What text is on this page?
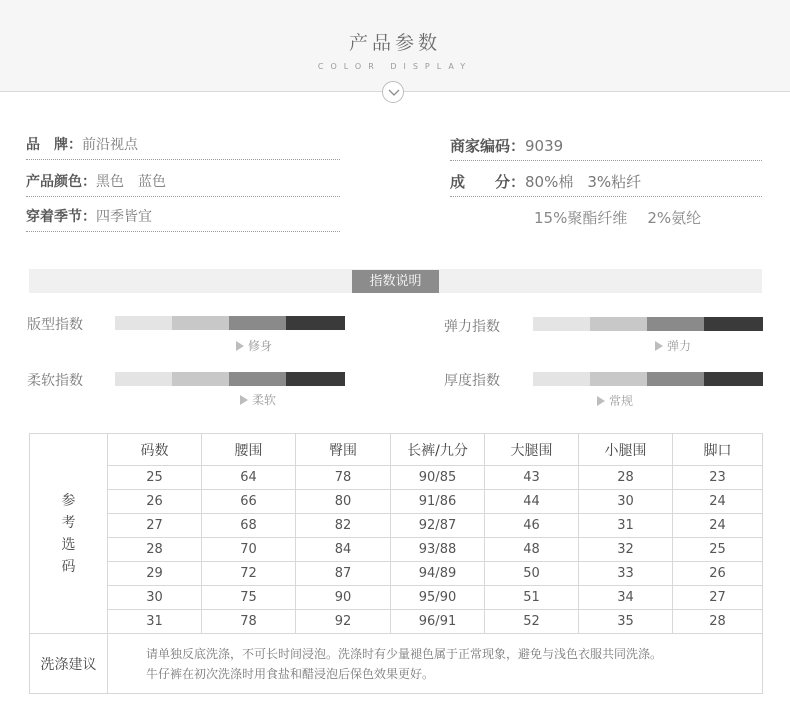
产品参数
COLOR DISPLAY
品　牌：前沿视点
产品颜色：黑色　蓝色
穿着季节：四季皆宜
商家编码：9039
成　　分：80%棉 3%粘纤
15%聚酯纤维 2%氨纶
指数说明
版型指数
修身
弹力指数
弹力
柔软指数
柔软
厚度指数
常规
参
考
选
码	码数	腰围	臀围	长裤/九分	大腿围	小腿围	脚口
	25	64	78	90/85	43	28	23
	26	66	80	91/86	44	30	24
	27	68	82	92/87	46	31	24
	28	70	84	93/88	48	32	25
	29	72	87	94/89	50	33	26
	30	75	90	95/90	51	34	27
	31	78	92	96/91	52	35	28
洗涤建议	请单独反底洗涤，不可长时间浸泡。洗涤时有少量褪色属于正常现象，避免与浅色衣服共同洗涤。
牛仔裤在初次洗涤时用食盐和醋浸泡后保色效果更好。						
